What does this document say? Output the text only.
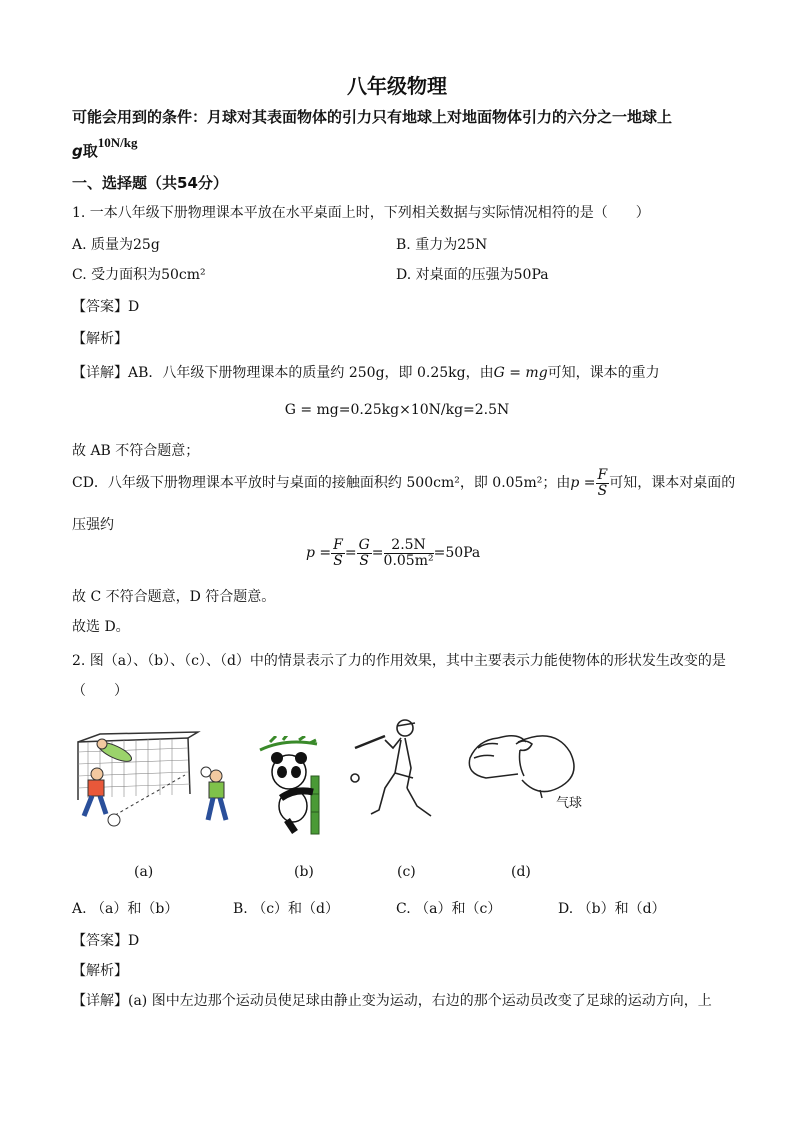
八年级物理
可能会用到的条件：月球对其表面物体的引力只有地球上对地面物体引力的六分之一地球上
g取10N/kg
一、选择题（共54分）
1. 一本八年级下册物理课本平放在水平桌面上时，下列相关数据与实际情况相符的是（　　）
A. 质量为25g	B. 重力为25N
C. 受力面积为50cm²	D. 对桌面的压强为50Pa
【答案】D
【解析】
【详解】AB．八年级下册物理课本的质量约 250g，即 0.25kg，由G = mg可知，课本的重力
G = mg=0.25kg×10N/kg=2.5N
故 AB 不符合题意；
CD．八年级下册物理课本平放时与桌面的接触面积约 500cm²，即 0.05m²；由$p = \frac{F}{S}$ 可知，课本对桌面的
压强约
$p = \frac{F}{S} = \frac{G}{S} = \frac{2.5N}{\text{0.05m²}} =50Pa$
故 C 不符合题意，D 符合题意。
故选 D。
2. 图（a）、（b）、（c）、（d）中的情景表示了力的作用效果，其中主要表示力能使物体的形状发生改变的是
（　　）
气球
(a)	(b)	(c)	(d)
A. （a）和（b）	B. （c）和（d）	C. （a）和（c）	D. （b）和（d）
【答案】D
【解析】
【详解】(a) 图中左边那个运动员使足球由静止变为运动，右边的那个运动员改变了足球的运动方向，上
